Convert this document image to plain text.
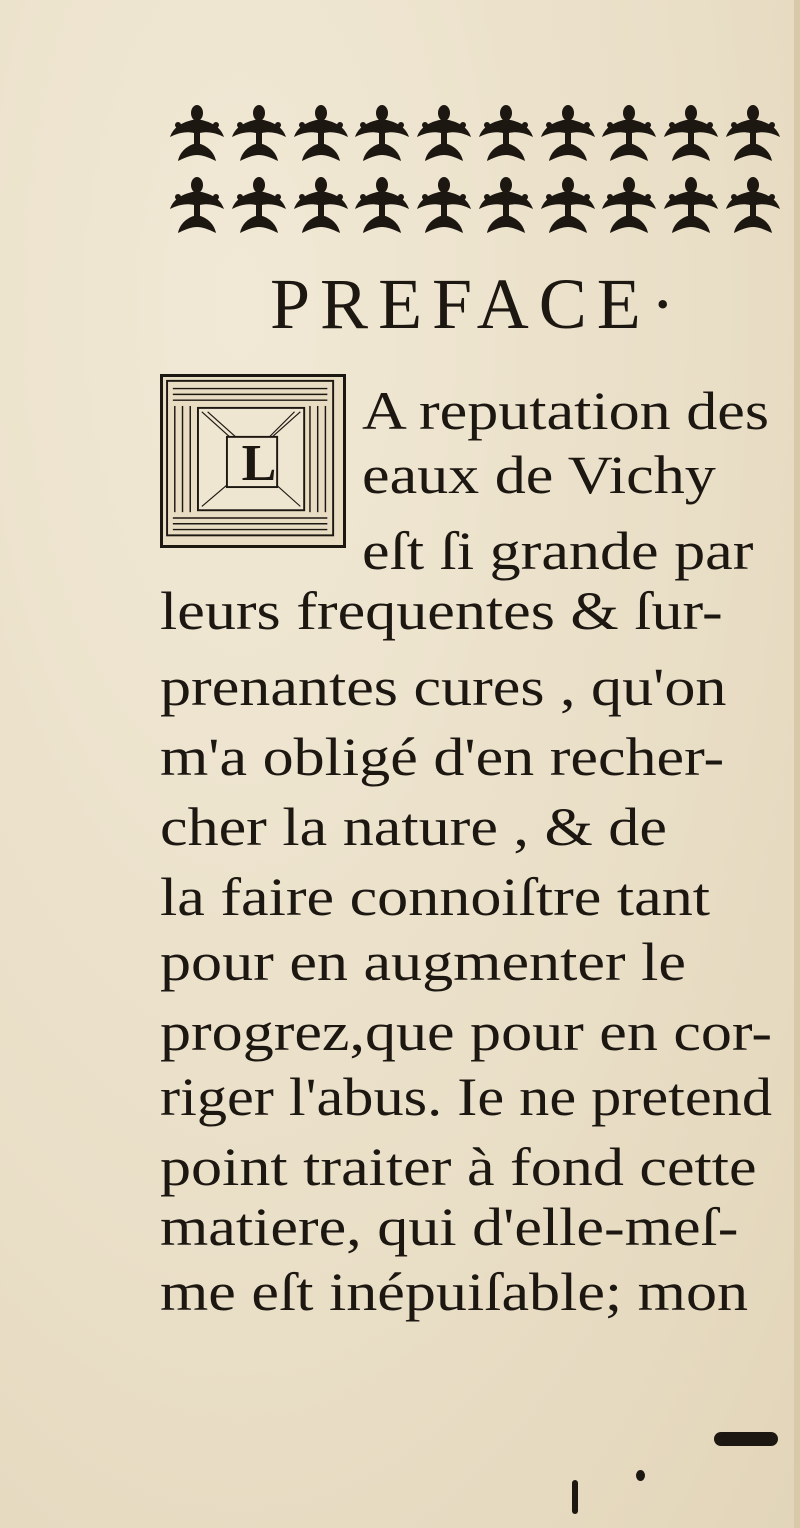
PREFACE·
L

A reputation des

eaux de Vichy

eſt ſi grande par

leurs frequentes & ſur-

prenantes cures , qu'on

m'a obligé d'en recher-

cher la nature , & de

la faire connoiſtre tant

pour en augmenter le

progrez,que pour en cor-

riger l'abus. Ie ne pretend

point traiter à fond cette

matiere, qui d'elle-meſ-

me eſt inépuiſable; mon
